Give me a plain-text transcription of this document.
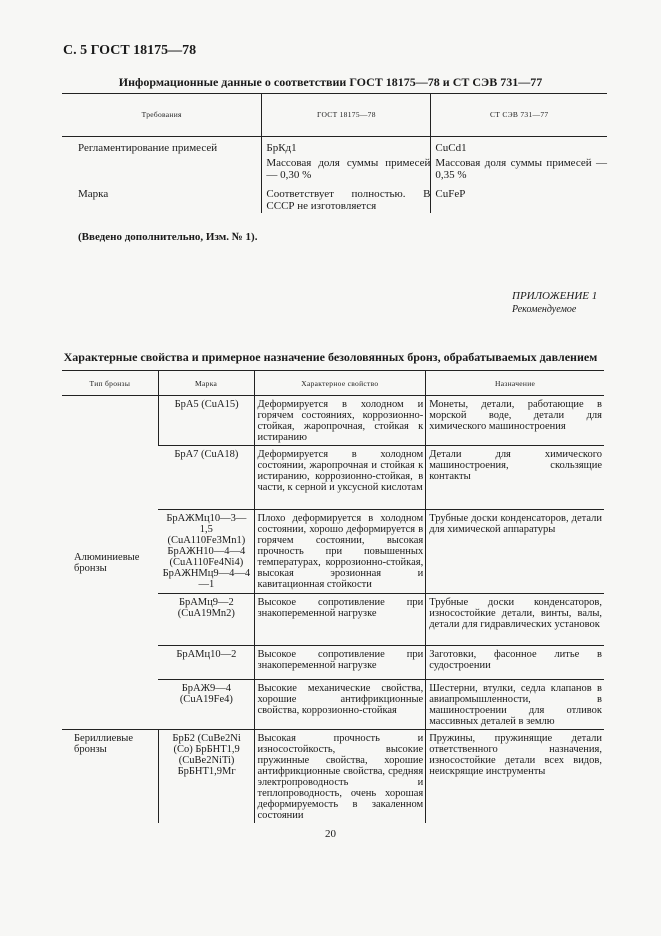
С. 5 ГОСТ 18175—78
Информационные данные о соответствии ГОСТ 18175—78 и СТ СЭВ 731—77
Требования	ГОСТ 18175—78	СТ СЭВ 731—77

Регламентирование примесей	БрКд1	CuCd1
	Массовая доля суммы примесей — 0,30 %	Массовая доля суммы примесей — 0,35 %
Марка	Соответствует полностью. В СССР не изготовляется	CuFeP
(Введено дополнительно, Изм. № 1).
ПРИЛОЖЕНИЕ 1
Рекомендуемое
Характерные свойства и примерное назначение безоловянных бронз, обрабатываемых давлением
Тип бронзы	Марка	Характерное свойство	Назначение
Алюминиевые бронзы	БрА5 (CuA15)	Деформируется в холодном и горячем состояниях, коррозионно-стойкая, жаропрочная, стойкая к истиранию	Монеты, детали, работающие в морской воде, детали для химического машиностроения
	БрА7 (CuA18)	Деформируется в холодном состоянии, жаропрочная и стойкая к истиранию, коррозионно-стойкая, в части, к серной и уксусной кислотам	Детали для химического машиностроения, скользящие контакты
	БрАЖМц10—3—1,5 (CuA110Fe3Mn1) БрАЖН10—4—4 (CuA110Fe4Ni4) БрАЖНМц9—4—4—1	Плохо деформируется в холодном состоянии, хорошо деформируется в горячем состоянии, высокая прочность при повышенных температурах, коррозионно-стойкая, высокая эрозионная и кавитационная стойкости	Трубные доски конденсаторов, детали для химической аппаратуры
	БрАМц9—2 (CuA19Mn2)	Высокое сопротивление при знакопеременной нагрузке	Трубные доски конденсаторов, износостойкие детали, винты, валы, детали для гидравлических установок
	БрАМц10—2	Высокое сопротивление при знакопеременной нагрузке	Заготовки, фасонное литье в судостроении
	БрАЖ9—4 (CuA19Fe4)	Высокие механические свойства, хорошие антифрикционные свойства, коррозионно-стойкая	Шестерни, втулки, седла клапанов в авиапромышленности, в машиностроении для отливок массивных деталей в землю
Бериллиевые бронзы	БрБ2 (CuBe2Ni (Co) БрБНТ1,9 (CuBe2NiTi) БрБНТ1,9Мг	Высокая прочность и износостойкость, высокие пружинные свойства, хорошие антифрикционные свойства, средняя электропроводность и теплопроводность, очень хорошая деформируемость в закаленном состоянии	Пружины, пружинящие детали ответственного назначения, износостойкие детали всех видов, неискрящие инструменты
20
